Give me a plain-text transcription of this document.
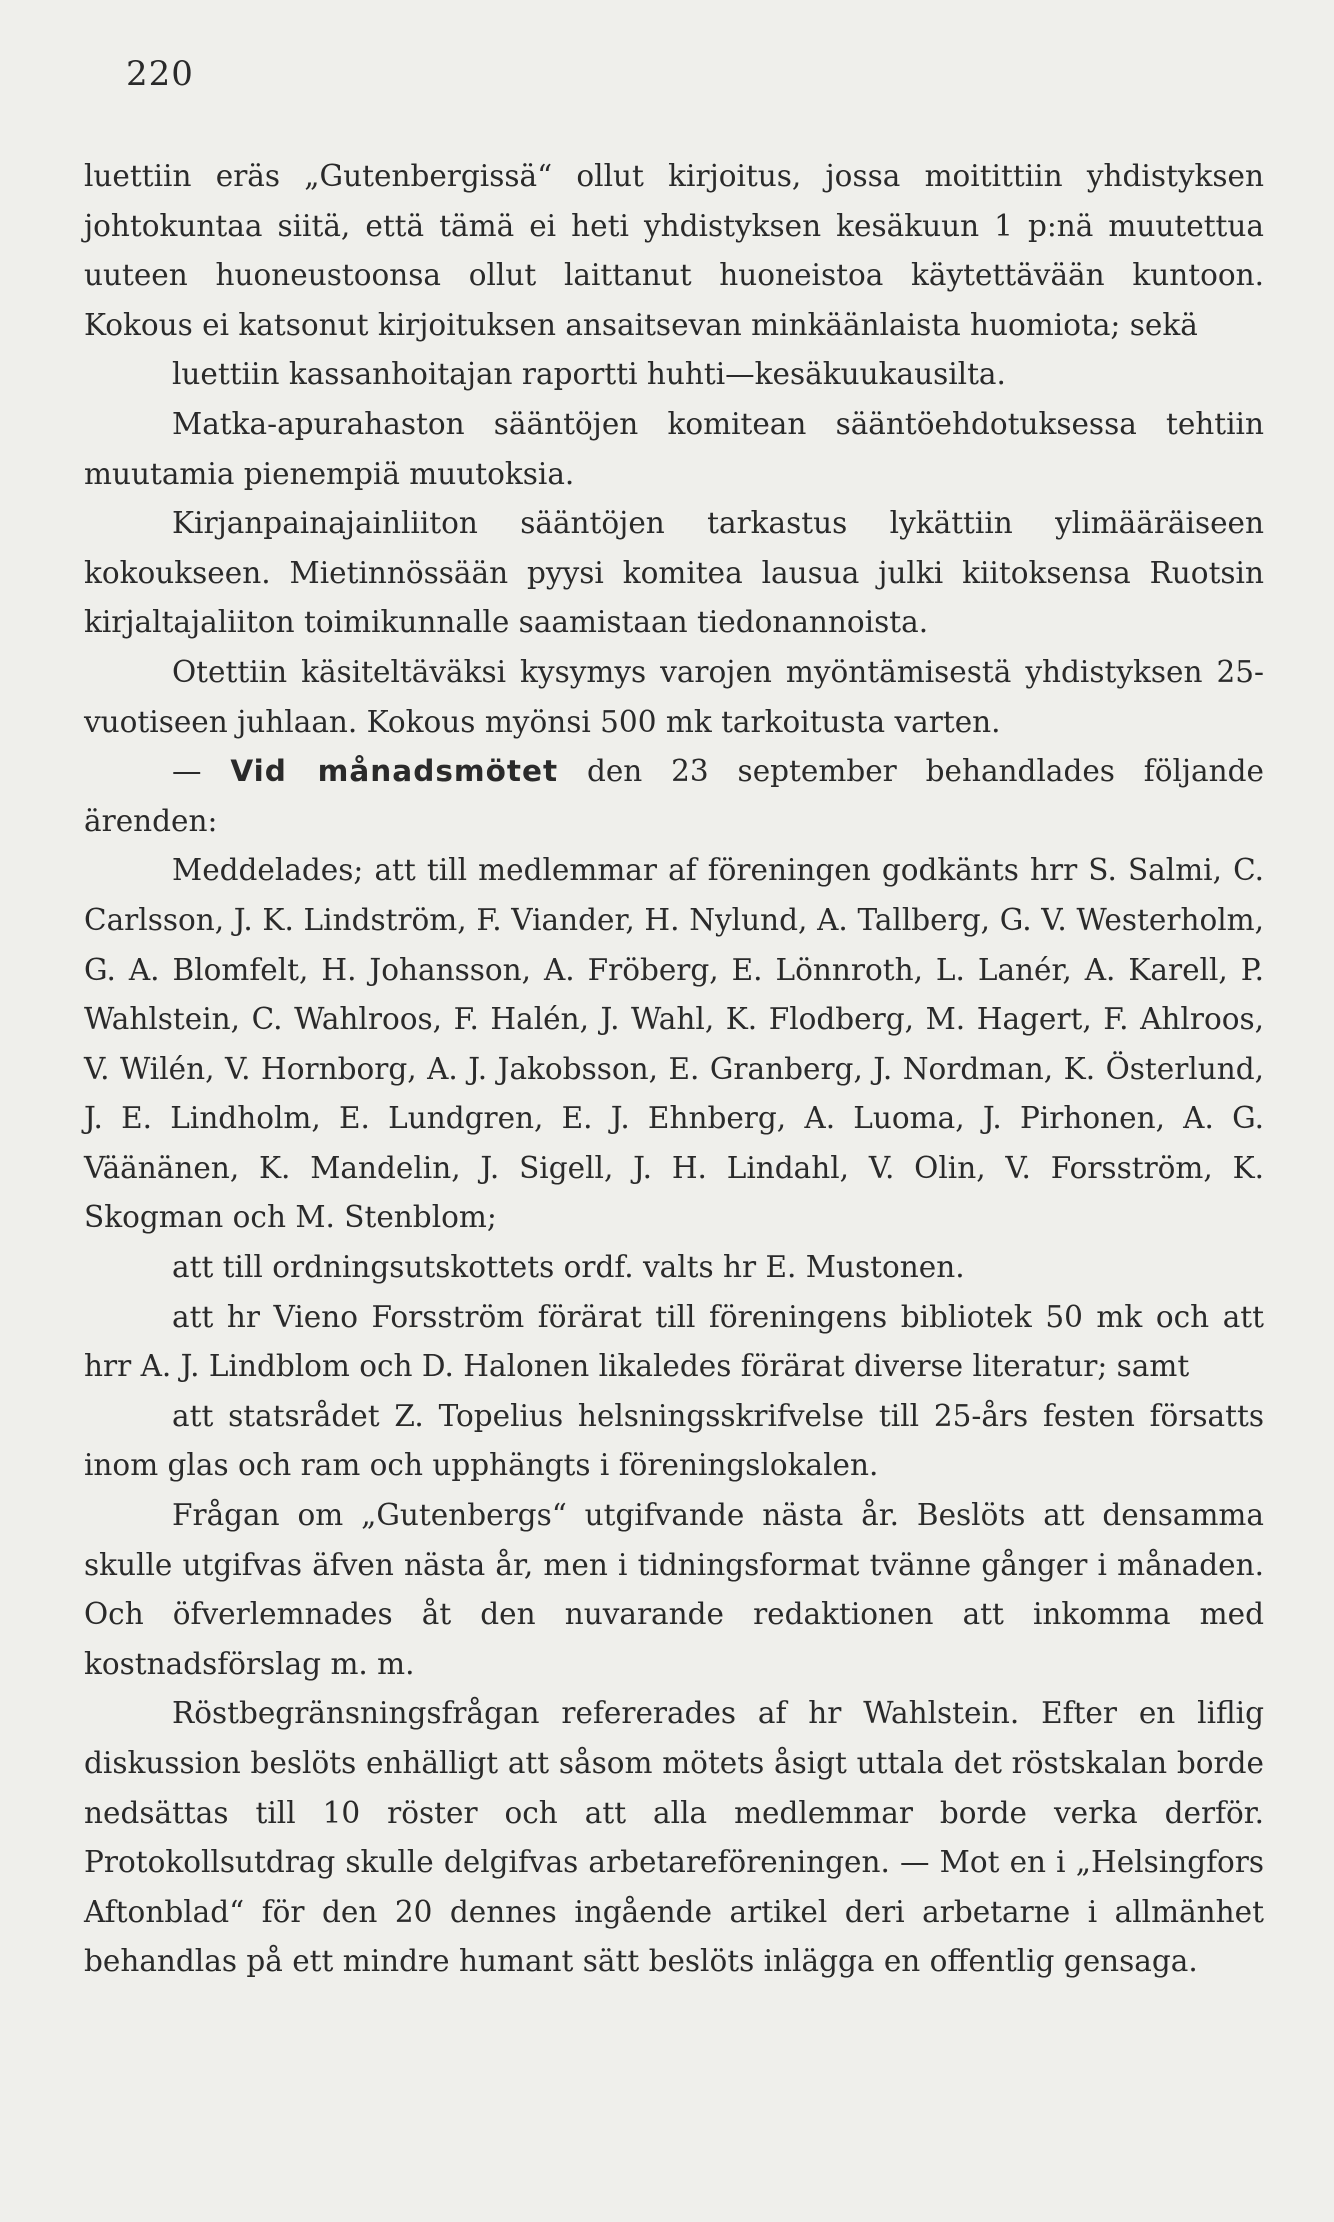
220

luettiin eräs „Gutenbergissä“ ollut kirjoitus, jossa moitittiin yhdistyksen johtokuntaa siitä, että tämä ei heti yhdistyksen kesäkuun 1 p:nä muutettua uuteen huoneustoonsa ollut laittanut huoneistoa käytettävään kuntoon. Kokous ei katsonut kirjoituksen ansaitsevan minkäänlaista huomiota; sekä

luettiin kassanhoitajan raportti huhti—kesäkuukausilta.

Matka-apurahaston sääntöjen komitean sääntöehdotuksessa tehtiin muutamia pienempiä muutoksia.

Kirjanpainajainliiton sääntöjen tarkastus lykättiin ylimääräiseen kokoukseen. Mietinnössään pyysi komitea lausua julki kiitoksensa Ruotsin kirjaltajaliiton toimikunnalle saamistaan tiedonannoista.

Otettiin käsiteltäväksi kysymys varojen myöntämisestä yhdistyksen 25-vuotiseen juhlaan. Kokous myönsi 500 mk tarkoitusta varten.

— Vid månadsmötet den 23 september behandlades följande ärenden:

Meddelades; att till medlemmar af föreningen godkänts hrr S. Salmi, C. Carlsson, J. K. Lindström, F. Viander, H. Nylund, A. Tallberg, G. V. Westerholm, G. A. Blomfelt, H. Johansson, A. Fröberg, E. Lönnroth, L. Lanér, A. Karell, P. Wahlstein, C. Wahlroos, F. Halén, J. Wahl, K. Flodberg, M. Hagert, F. Ahlroos, V. Wilén, V. Hornborg, A. J. Jakobsson, E. Granberg, J. Nordman, K. Österlund, J. E. Lindholm, E. Lundgren, E. J. Ehnberg, A. Luoma, J. Pirhonen, A. G. Väänänen, K. Mandelin, J. Sigell, J. H. Lindahl, V. Olin, V. Forsström, K. Skogman och M. Stenblom;

att till ordningsutskottets ordf. valts hr E. Mustonen.

att hr Vieno Forsström förärat till föreningens bibliotek 50 mk och att hrr A. J. Lindblom och D. Halonen likaledes förärat diverse literatur; samt

att statsrådet Z. Topelius helsningsskrifvelse till 25-års festen försatts inom glas och ram och upphängts i föreningslokalen.

Frågan om „Gutenbergs“ utgifvande nästa år. Beslöts att densamma skulle utgifvas äfven nästa år, men i tidningsformat tvänne gånger i månaden. Och öfverlemnades åt den nuvarande redaktionen att inkomma med kostnadsförslag m. m.

Röstbegränsningsfrågan refererades af hr Wahlstein. Efter en liflig diskussion beslöts enhälligt att såsom mötets åsigt uttala det röstskalan borde nedsättas till 10 röster och att alla medlemmar borde verka derför. Protokollsutdrag skulle delgifvas arbetareföreningen. — Mot en i „Helsingfors Aftonblad“ för den 20 dennes ingående artikel deri arbetarne i allmänhet behandlas på ett mindre humant sätt beslöts inlägga en offentlig gensaga.
